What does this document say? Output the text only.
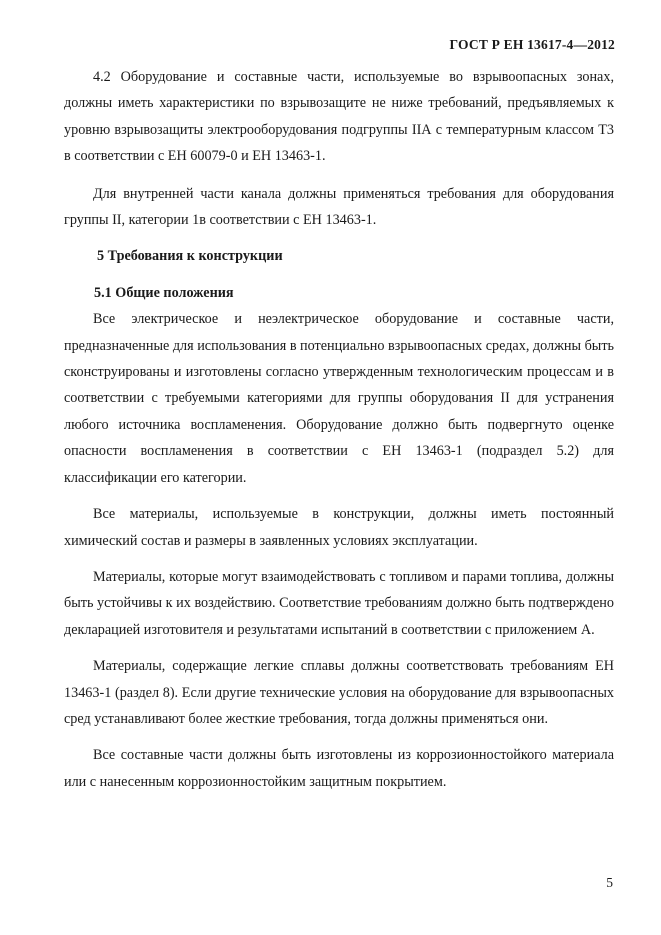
ГОСТ Р ЕН 13617-4—2012

4.2 Оборудование и составные части, используемые во взрывоопасных зонах, должны иметь характеристики по взрывозащите не ниже требований, предъявляемых к уровню взрывозащиты электрооборудования подгруппы IIА с температурным классом Т3 в соответствии с ЕН 60079-0 и ЕН 13463-1.

Для внутренней части канала должны применяться требования для оборудования группы II, категории 1в соответствии с ЕН 13463-1.

5 Требования к конструкции
5.1 Общие положения

Все электрическое и неэлектрическое оборудование и составные части, предназначенные для использования в потенциально взрывоопасных средах, должны быть сконструированы и изготовлены согласно утвержденным технологическим процессам и в соответствии с требуемыми категориями для группы оборудования II для устранения любого источника воспламенения. Оборудование должно быть подвергнуто оценке опасности воспламенения в соответствии с ЕН 13463-1 (подраздел 5.2) для классификации его категории.

Все материалы, используемые в конструкции, должны иметь постоянный химический состав и размеры в заявленных условиях эксплуатации.

Материалы, которые могут взаимодействовать с топливом и парами топлива, должны быть устойчивы к их воздействию. Соответствие требованиям должно быть подтверждено декларацией изготовителя и результатами испытаний в соответствии с приложением А.

Материалы, содержащие легкие сплавы должны соответствовать требованиям ЕН 13463-1 (раздел 8). Если другие технические условия на оборудование для взрывоопасных сред устанавливают более жесткие требования, тогда должны применяться они.

Все составные части должны быть изготовлены из коррозионностойкого материала или с нанесенным коррозионностойким защитным покрытием.

5
